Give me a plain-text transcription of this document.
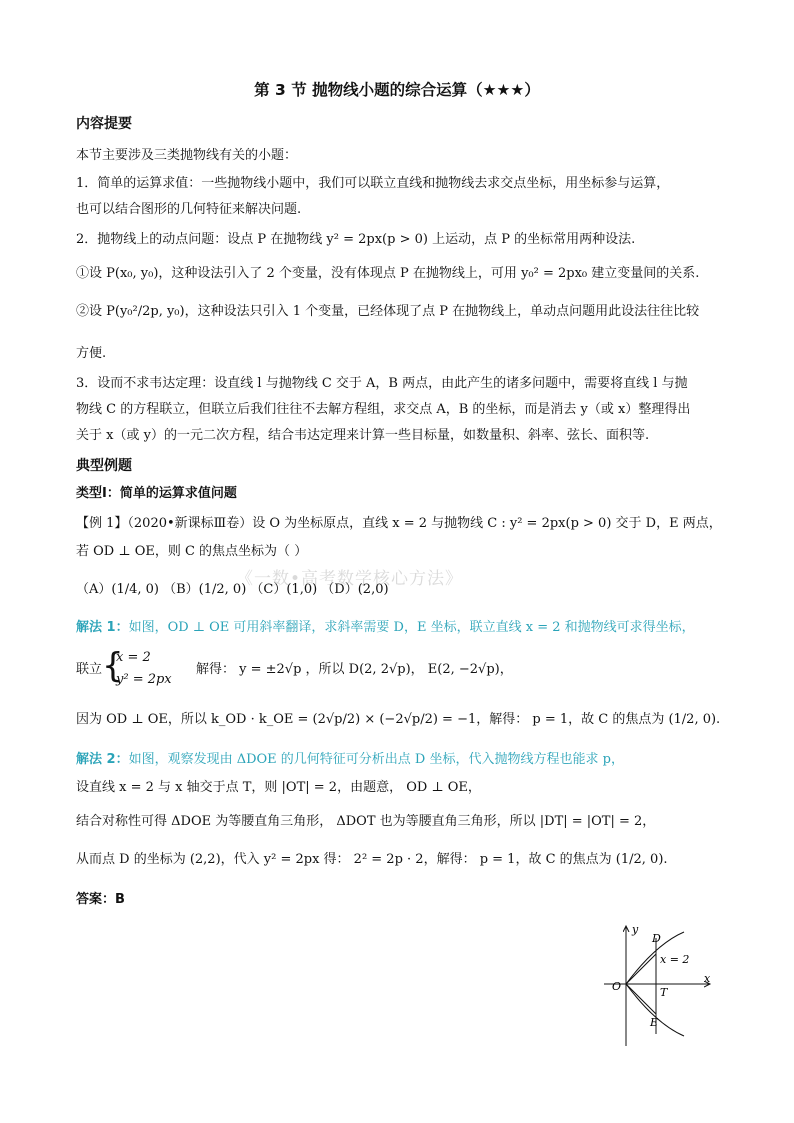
第 3 节 抛物线小题的综合运算（★★★）
内容提要
本节主要涉及三类抛物线有关的小题：
1．简单的运算求值：一些抛物线小题中，我们可以联立直线和抛物线去求交点坐标，用坐标参与运算，
也可以结合图形的几何特征来解决问题.
2．抛物线上的动点问题：设点 P 在抛物线 y² = 2px(p > 0) 上运动，点 P 的坐标常用两种设法.
①设 P(x₀, y₀)，这种设法引入了 2 个变量，没有体现点 P 在抛物线上，可用 y₀² = 2px₀ 建立变量间的关系.
②设 P(y₀²/2p, y₀)，这种设法只引入 1 个变量，已经体现了点 P 在抛物线上，单动点问题用此设法往往比较
方便.
3．设而不求韦达定理：设直线 l 与抛物线 C 交于 A，B 两点，由此产生的诸多问题中，需要将直线 l 与抛
物线 C 的方程联立，但联立后我们往往不去解方程组，求交点 A，B 的坐标，而是消去 y（或 x）整理得出
关于 x（或 y）的一元二次方程，结合韦达定理来计算一些目标量，如数量积、斜率、弦长、面积等.
典型例题
类型Ⅰ：简单的运算求值问题
【例 1】（2020•新课标Ⅲ卷）设 O 为坐标原点，直线 x = 2 与抛物线 C : y² = 2px(p > 0) 交于 D，E 两点，
若 OD ⊥ OE，则 C 的焦点坐标为（ ）
《一数•高考数学核心方法》
（A）(1/4, 0) （B）(1/2, 0) （C）(1,0) （D）(2,0)
解法 1：如图，OD ⊥ OE 可用斜率翻译，求斜率需要 D，E 坐标，联立直线 x = 2 和抛物线可求得坐标，
联立 {
x = 2
y² = 2px
解得： y = ±2√p ，所以 D(2, 2√p)， E(2, −2√p)，
因为 OD ⊥ OE，所以 k_OD · k_OE = (2√p/2) × (−2√p/2) = −1，解得： p = 1，故 C 的焦点为 (1/2, 0).
解法 2：如图，观察发现由 ΔDOE 的几何特征可分析出点 D 坐标，代入抛物线方程也能求 p，
设直线 x = 2 与 x 轴交于点 T，则 |OT| = 2，由题意， OD ⊥ OE，
结合对称性可得 ΔDOE 为等腰直角三角形， ΔDOT 也为等腰直角三角形，所以 |DT| = |OT| = 2，
从而点 D 的坐标为 (2,2)，代入 y² = 2px 得： 2² = 2p · 2，解得： p = 1，故 C 的焦点为 (1/2, 0).
答案：B
y
x
O
D
E
T
x = 2
